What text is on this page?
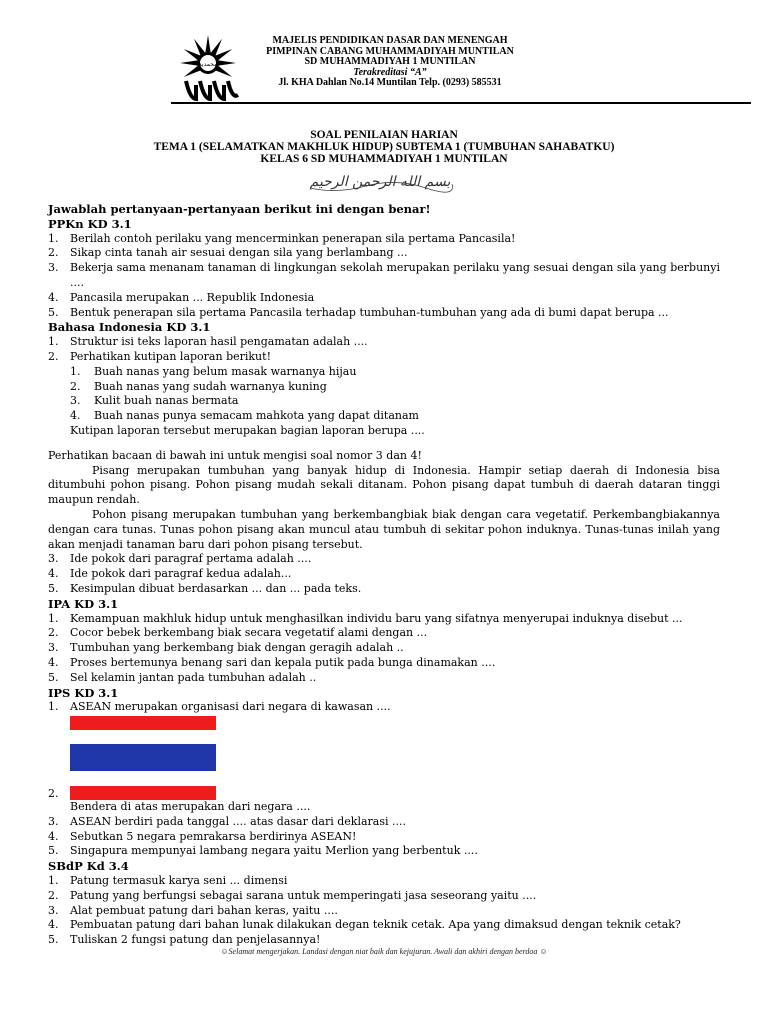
محمدية
MAJELIS PENDIDIKAN DASAR DAN MENENGAH
PIMPINAN CABANG MUHAMMADIYAH MUNTILAN
SD MUHAMMADIYAH 1 MUNTILAN
Terakreditasi “A”
Jl. KHA Dahlan No.14 Muntilan Telp. (0293) 585531
SOAL PENILAIAN HARIAN
TEMA 1 (SELAMATKAN MAKHLUK HIDUP) SUBTEMA 1 (TUMBUHAN SAHABATKU)
KELAS 6 SD MUHAMMADIYAH 1 MUNTILAN
بسم الله الرحمن الرحيم
Jawablah pertanyaan-pertanyaan berikut ini dengan benar!
PPKn KD 3.1
1.	Berilah contoh perilaku yang mencerminkan penerapan sila pertama Pancasila!
2.	Sikap cinta tanah air sesuai dengan sila yang berlambang ...
3.	Bekerja sama menanam tanaman di lingkungan sekolah merupakan perilaku yang sesuai dengan sila yang berbunyi ....
4.	Pancasila merupakan ... Republik Indonesia
5.	Bentuk penerapan sila pertama Pancasila terhadap tumbuhan-tumbuhan yang ada di bumi dapat berupa ...
Bahasa Indonesia KD 3.1
1.	Struktur isi teks laporan hasil pengamatan adalah ....
2.	Perhatikan kutipan laporan berikut!
1.	Buah nanas yang belum masak warnanya hijau
2.	Buah nanas yang sudah warnanya kuning
3.	Kulit buah nanas bermata
4.	Buah nanas punya semacam mahkota yang dapat ditanam
Kutipan laporan tersebut merupakan bagian laporan berupa ....
Perhatikan bacaan di bawah ini untuk mengisi soal nomor 3 dan 4!
Pisang merupakan tumbuhan yang banyak hidup di Indonesia. Hampir setiap daerah di Indonesia bisa ditumbuhi pohon pisang. Pohon pisang mudah sekali ditanam. Pohon pisang dapat tumbuh di daerah dataran tinggi maupun rendah.
Pohon pisang merupakan tumbuhan yang berkembangbiak biak dengan cara vegetatif. Perkembangbiakannya dengan cara tunas. Tunas pohon pisang akan muncul atau tumbuh di sekitar pohon induknya. Tunas-tunas inilah yang akan menjadi tanaman baru dari pohon pisang tersebut.
3.	Ide pokok dari paragraf pertama adalah ....
4.	Ide pokok dari paragraf kedua adalah...
5.	Kesimpulan dibuat berdasarkan ... dan ... pada teks.
IPA KD 3.1
1.	Kemampuan makhluk hidup untuk menghasilkan individu baru yang sifatnya menyerupai induknya disebut ...
2.	Cocor bebek berkembang biak secara vegetatif alami dengan ...
3.	Tumbuhan yang berkembang biak dengan geragih adalah ..
4.	Proses bertemunya benang sari dan kepala putik pada bunga dinamakan ....
5.	Sel kelamin jantan pada tumbuhan adalah ..
IPS KD 3.1
1.	ASEAN merupakan organisasi dari negara di kawasan ....
2.
Bendera di atas merupakan dari negara ....
3.	ASEAN berdiri pada tanggal .... atas dasar dari deklarasi ....
4.	Sebutkan 5 negara pemrakarsa berdirinya ASEAN!
5.	Singapura mempunyai lambang negara yaitu Merlion yang berbentuk ....
SBdP Kd 3.4
1.	Patung termasuk karya seni ... dimensi
2.	Patung yang berfungsi sebagai sarana untuk memperingati jasa seseorang yaitu ....
3.	Alat pembuat patung dari bahan keras, yaitu ....
4.	Pembuatan patung dari bahan lunak dilakukan degan teknik cetak. Apa yang dimaksud dengan teknik cetak?
5.	Tuliskan 2 fungsi patung dan penjelasannya!
☺Selamat mengerjakan. Landasi dengan niat baik dan kejujuran. Awali dan akhiri dengan berdoa ☺
